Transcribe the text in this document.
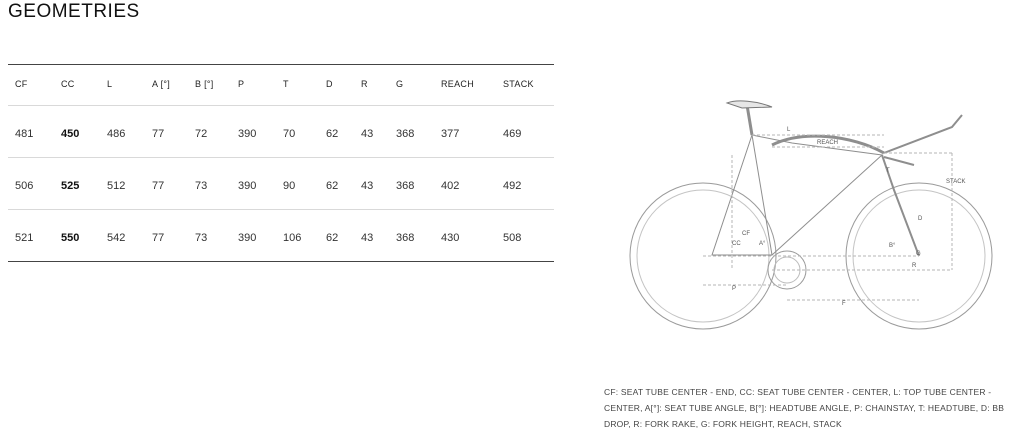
GEOMETRIES
CF	CC	L	A [°]	B [°]	P	T	D	R	G	REACH	STACK
481	450	486 77	72	390 70	62 43 368 377	469
506	525	512 77	73	390 90	62 43 368 402	492
521	550	542 77	73	390 106 62 43 368 430	508
L
REACH
STACK
T
D
CC
CF
A°	B°
G
R
P
F
CF: SEAT TUBE CENTER - END, CC: SEAT TUBE CENTER - CENTER, L: TOP TUBE CENTER - CENTER, A[°]: SEAT TUBE ANGLE, B[°]: HEADTUBE ANGLE, P: CHAINSTAY, T: HEADTUBE, D: BB DROP, R: FORK RAKE, G: FORK HEIGHT, REACH, STACK
